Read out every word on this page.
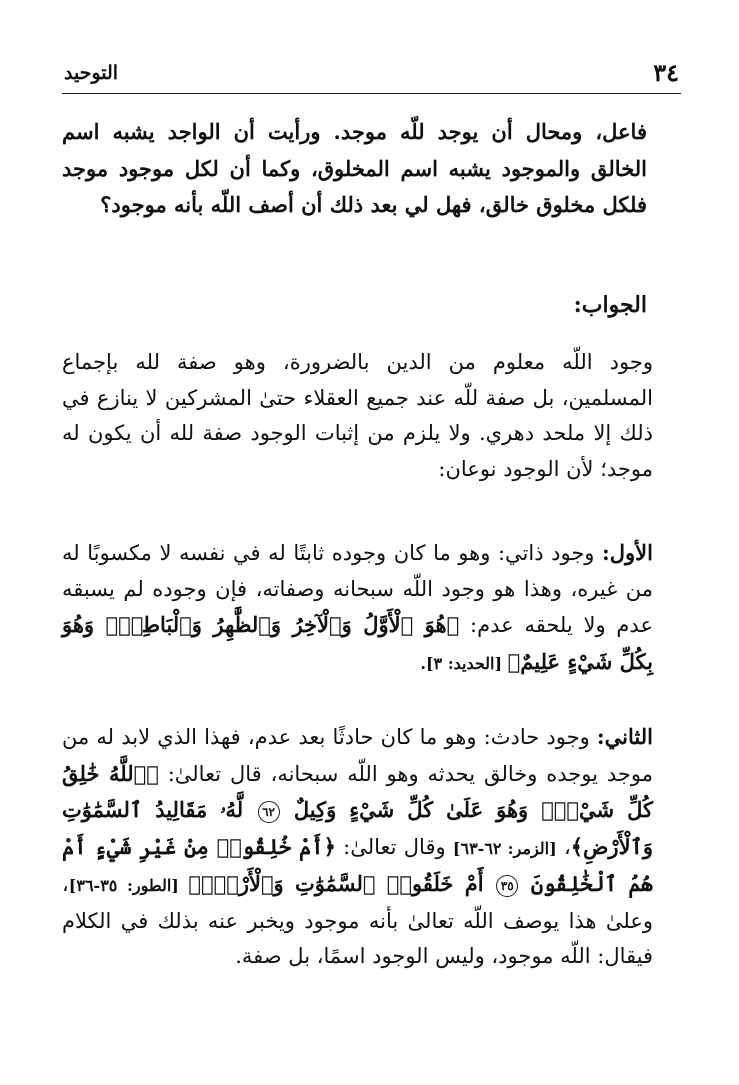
٣٤
التوحيد

فاعل، ومحال أن يوجد للّه موجد. ورأيت أن الواجد يشبه اسم الخالق والموجود يشبه اسم المخلوق، وكما أن لكل موجود موجد فلكل مخلوق خالق، فهل لي بعد ذلك أن أصف اللّه بأنه موجود؟

الجواب:

وجود اللّه معلوم من الدين بالضرورة، وهو صفة لله بإجماع المسلمين، بل صفة للّه عند جميع العقلاء حتىٰ المشركين لا ينازع في ذلك إلا ملحد دهري. ولا يلزم من إثبات الوجود صفة لله أن يكون له موجد؛ لأن الوجود نوعان:

الأول: وجود ذاتي: وهو ما كان وجوده ثابتًا له في نفسه لا مكسوبًا له من غيره، وهذا هو وجود اللّه سبحانه وصفاته، فإن وجوده لم يسبقه عدم ولا يلحقه عدم: ﴿هُوَ ٱلْأَوَّلُ وَٱلْآخِرُ وَٱلظَّٰهِرُ وَٱلْبَاطِنُۖ وَهُوَ بِكُلِّ شَيْءٍ عَلِيمٌ﴾ [الحديد: ٣].

الثاني: وجود حادث: وهو ما كان حادثًا بعد عدم، فهذا الذي لابد له من موجد يوجده وخالق يحدثه وهو اللّه سبحانه، قال تعالىٰ: ﴿ٱللَّهُ خَٰلِقُ كُلِّ شَيْءٍۖ وَهُوَ عَلَىٰ كُلِّ شَيْءٍ وَكِيلٌ ٦٢ لَّهُۥ مَقَالِيدُ ٱلسَّمَٰوَٰتِ وَٱلْأَرْضِ﴾، [الزمر: ٦٢-٦٣] وقال تعالىٰ: ﴿أَمْ خُلِقُوا۟ مِنْ غَيْرِ شَيْءٍ أَمْ هُمُ ٱلْخَٰلِقُونَ ٣٥ أَمْ خَلَقُوا۟ ٱلسَّمَٰوَٰتِ وَٱلْأَرْضَۚ﴾ [الطور: ٣٥-٣٦]، وعلىٰ هذا يوصف اللّه تعالىٰ بأنه موجود ويخبر عنه بذلك في الكلام فيقال: اللّه موجود، وليس الوجود اسمًا، بل صفة.
